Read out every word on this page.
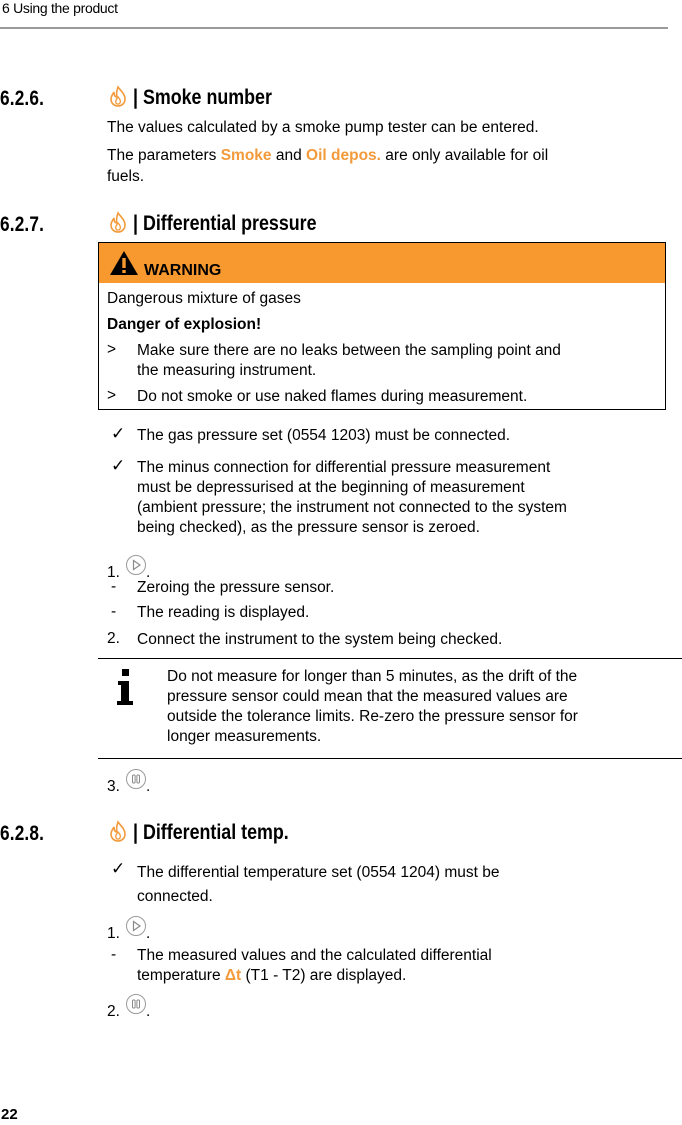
6 Using the product
6.2.6.	| Smoke number
The values calculated by a smoke pump tester can be entered.
The parameters Smoke and Oil depos. are only available for oil
fuels.
6.2.7.	| Differential pressure
WARNING
Dangerous mixture of gases
Danger of explosion!
> Make sure there are no leaks between the sampling point and
the measuring instrument.
> Do not smoke or use naked flames during measurement.
✓ The gas pressure set (0554 1203) must be connected.
✓ The minus connection for differential pressure measurement
must be depressurised at the beginning of measurement
(ambient pressure; the instrument not connected to the system
being checked), as the pressure sensor is zeroed.
1. .
- Zeroing the pressure sensor.
- The reading is displayed.
2. Connect the instrument to the system being checked.
Do not measure for longer than 5 minutes, as the drift of the
pressure sensor could mean that the measured values are
outside the tolerance limits. Re-zero the pressure sensor for
longer measurements.
3. .
6.2.8.	| Differential temp.
✓ The differential temperature set (0554 1204) must be
connected.
1. .
- The measured values and the calculated differential
temperature Δt (T1 - T2) are displayed.
2. .
22
